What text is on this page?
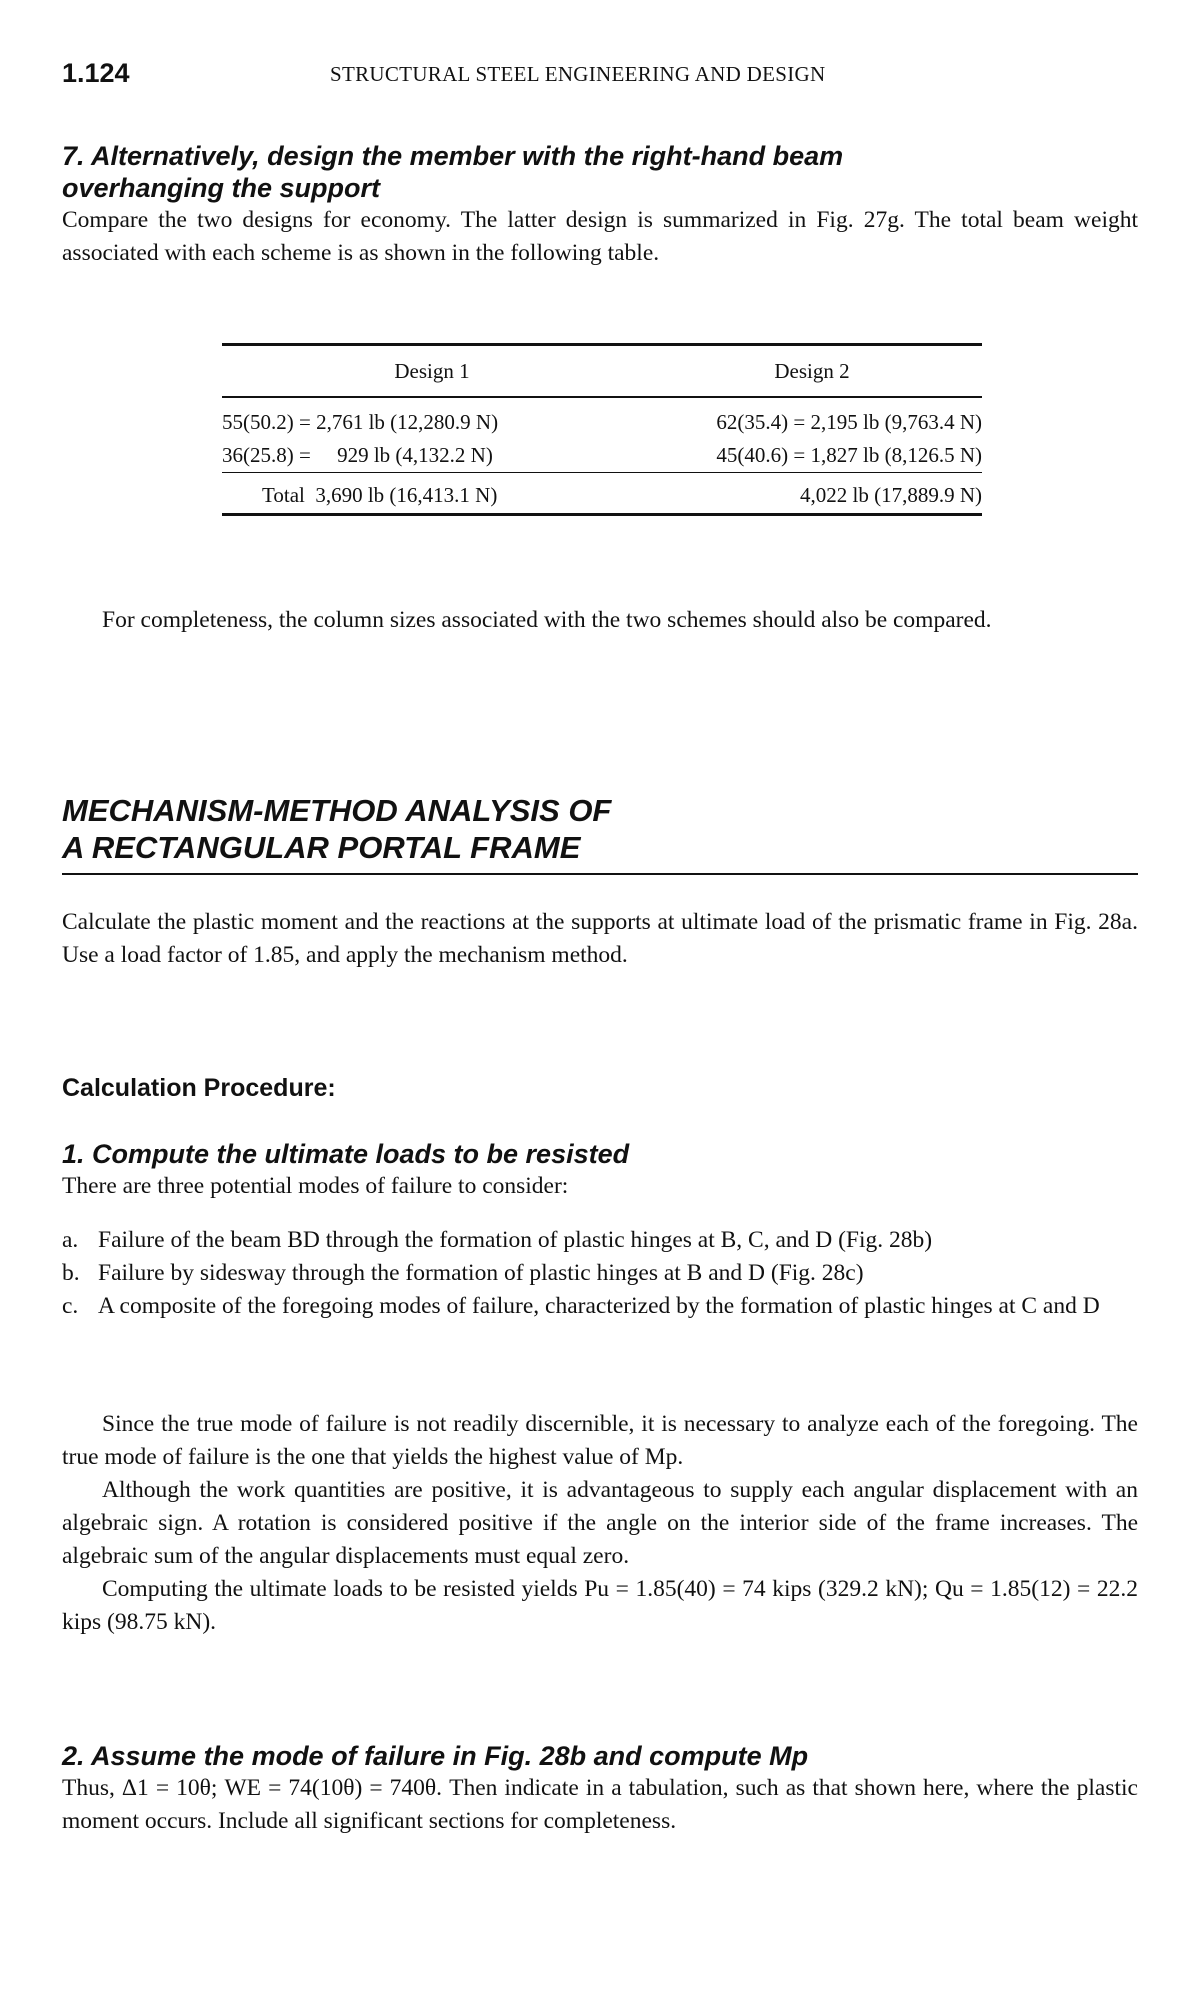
1.124	STRUCTURAL STEEL ENGINEERING AND DESIGN

7. Alternatively, design the member with the right-hand beam
overhanging the support

Compare the two designs for economy. The latter design is summarized in Fig. 27g. The total beam weight associated with each scheme is as shown in the following table.

Design 1	Design 2
55(50.2) = 2,761 lb (12,280.9 N)	62(35.4) = 2,195 lb (9,763.4 N)
36(25.8) =     929 lb (4,132.2 N)	45(40.6) = 1,827 lb (8,126.5 N)
Total  3,690 lb (16,413.1 N)	4,022 lb (17,889.9 N)

For completeness, the column sizes associated with the two schemes should also be compared.

MECHANISM-METHOD ANALYSIS OF
A RECTANGULAR PORTAL FRAME

Calculate the plastic moment and the reactions at the supports at ultimate load of the prismatic frame in Fig. 28a. Use a load factor of 1.85, and apply the mechanism method.

Calculation Procedure:

1. Compute the ultimate loads to be resisted

There are three potential modes of failure to consider:

a. Failure of the beam BD through the formation of plastic hinges at B, C, and D (Fig. 28b)
b. Failure by sidesway through the formation of plastic hinges at B and D (Fig. 28c)
c. A composite of the foregoing modes of failure, characterized by the formation of plastic hinges at C and D

Since the true mode of failure is not readily discernible, it is necessary to analyze each of the foregoing. The true mode of failure is the one that yields the highest value of Mp.

Although the work quantities are positive, it is advantageous to supply each angular displacement with an algebraic sign. A rotation is considered positive if the angle on the interior side of the frame increases. The algebraic sum of the angular displacements must equal zero.

Computing the ultimate loads to be resisted yields Pu = 1.85(40) = 74 kips (329.2 kN); Qu = 1.85(12) = 22.2 kips (98.75 kN).

2. Assume the mode of failure in Fig. 28b and compute Mp

Thus, Δ1 = 10θ; WE = 74(10θ) = 740θ. Then indicate in a tabulation, such as that shown here, where the plastic moment occurs. Include all significant sections for completeness.
